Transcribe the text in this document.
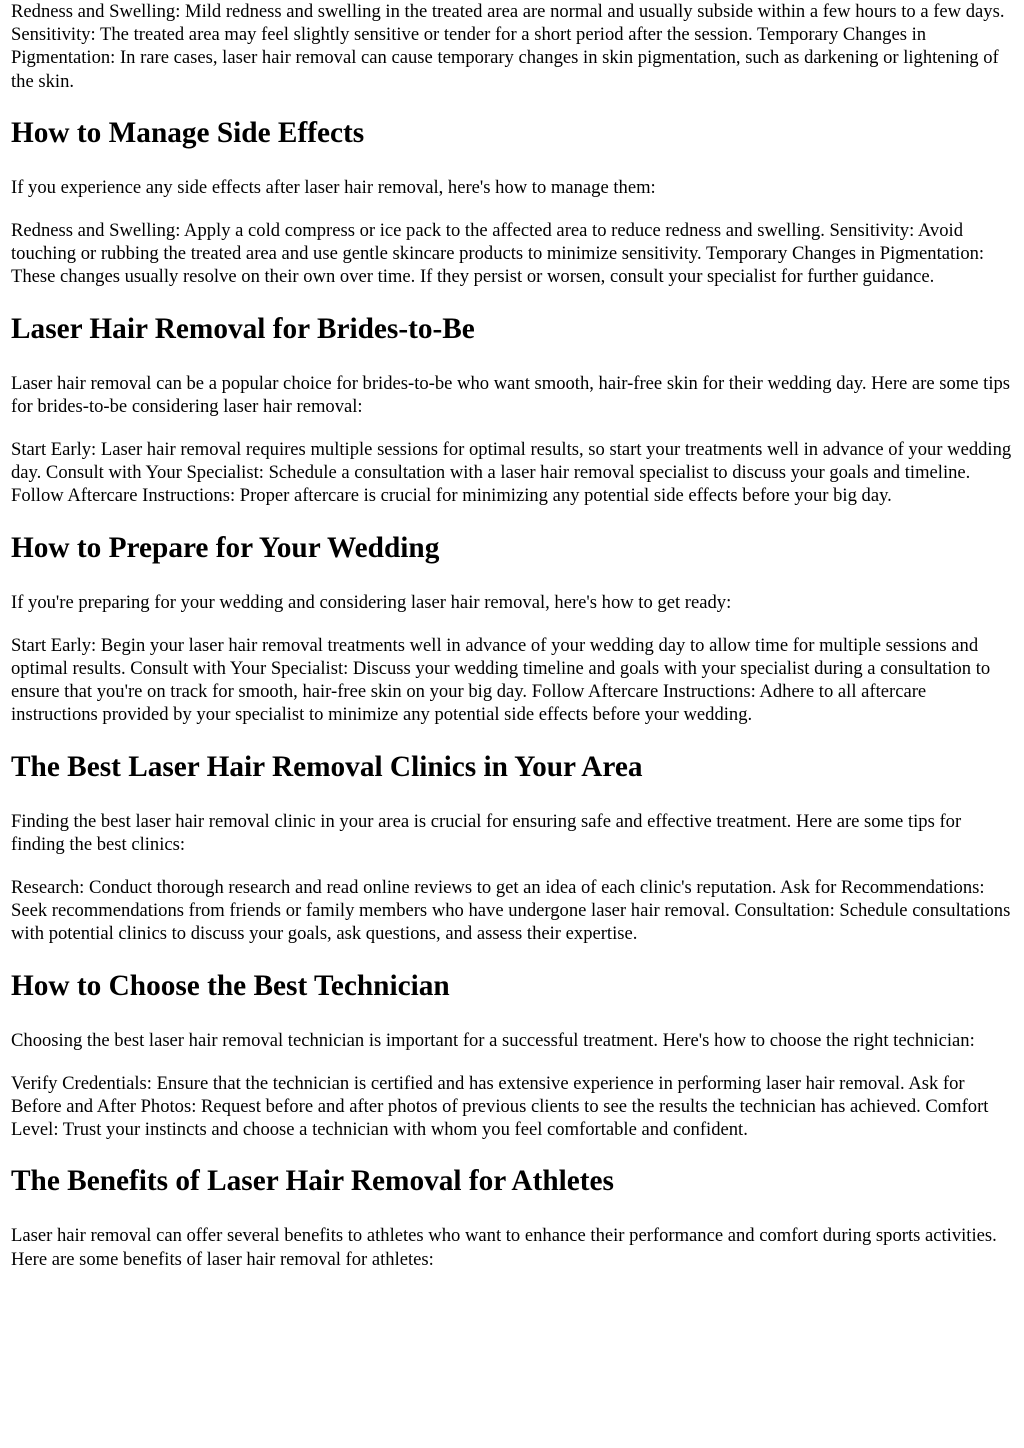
Redness and Swelling: Mild redness and swelling in the treated area are normal and usually subside within a few hours to a few days. Sensitivity: The treated area may feel slightly sensitive or tender for a short period after the session. Temporary Changes in Pigmentation: In rare cases, laser hair removal can cause temporary changes in skin pigmentation, such as darkening or lightening of the skin.

How to Manage Side Effects

If you experience any side effects after laser hair removal, here's how to manage them:

Redness and Swelling: Apply a cold compress or ice pack to the affected area to reduce redness and swelling. Sensitivity: Avoid touching or rubbing the treated area and use gentle skincare products to minimize sensitivity. Temporary Changes in Pigmentation: These changes usually resolve on their own over time. If they persist or worsen, consult your specialist for further guidance.

Laser Hair Removal for Brides-to-Be

Laser hair removal can be a popular choice for brides-to-be who want smooth, hair-free skin for their wedding day. Here are some tips for brides-to-be considering laser hair removal:

Start Early: Laser hair removal requires multiple sessions for optimal results, so start your treatments well in advance of your wedding day. Consult with Your Specialist: Schedule a consultation with a laser hair removal specialist to discuss your goals and timeline. Follow Aftercare Instructions: Proper aftercare is crucial for minimizing any potential side effects before your big day.

How to Prepare for Your Wedding

If you're preparing for your wedding and considering laser hair removal, here's how to get ready:

Start Early: Begin your laser hair removal treatments well in advance of your wedding day to allow time for multiple sessions and optimal results. Consult with Your Specialist: Discuss your wedding timeline and goals with your specialist during a consultation to ensure that you're on track for smooth, hair-free skin on your big day. Follow Aftercare Instructions: Adhere to all aftercare instructions provided by your specialist to minimize any potential side effects before your wedding.

The Best Laser Hair Removal Clinics in Your Area

Finding the best laser hair removal clinic in your area is crucial for ensuring safe and effective treatment. Here are some tips for finding the best clinics:

Research: Conduct thorough research and read online reviews to get an idea of each clinic's reputation. Ask for Recommendations: Seek recommendations from friends or family members who have undergone laser hair removal. Consultation: Schedule consultations with potential clinics to discuss your goals, ask questions, and assess their expertise.

How to Choose the Best Technician

Choosing the best laser hair removal technician is important for a successful treatment. Here's how to choose the right technician:

Verify Credentials: Ensure that the technician is certified and has extensive experience in performing laser hair removal. Ask for Before and After Photos: Request before and after photos of previous clients to see the results the technician has achieved. Comfort Level: Trust your instincts and choose a technician with whom you feel comfortable and confident.

The Benefits of Laser Hair Removal for Athletes

Laser hair removal can offer several benefits to athletes who want to enhance their performance and comfort during sports activities. Here are some benefits of laser hair removal for athletes:
